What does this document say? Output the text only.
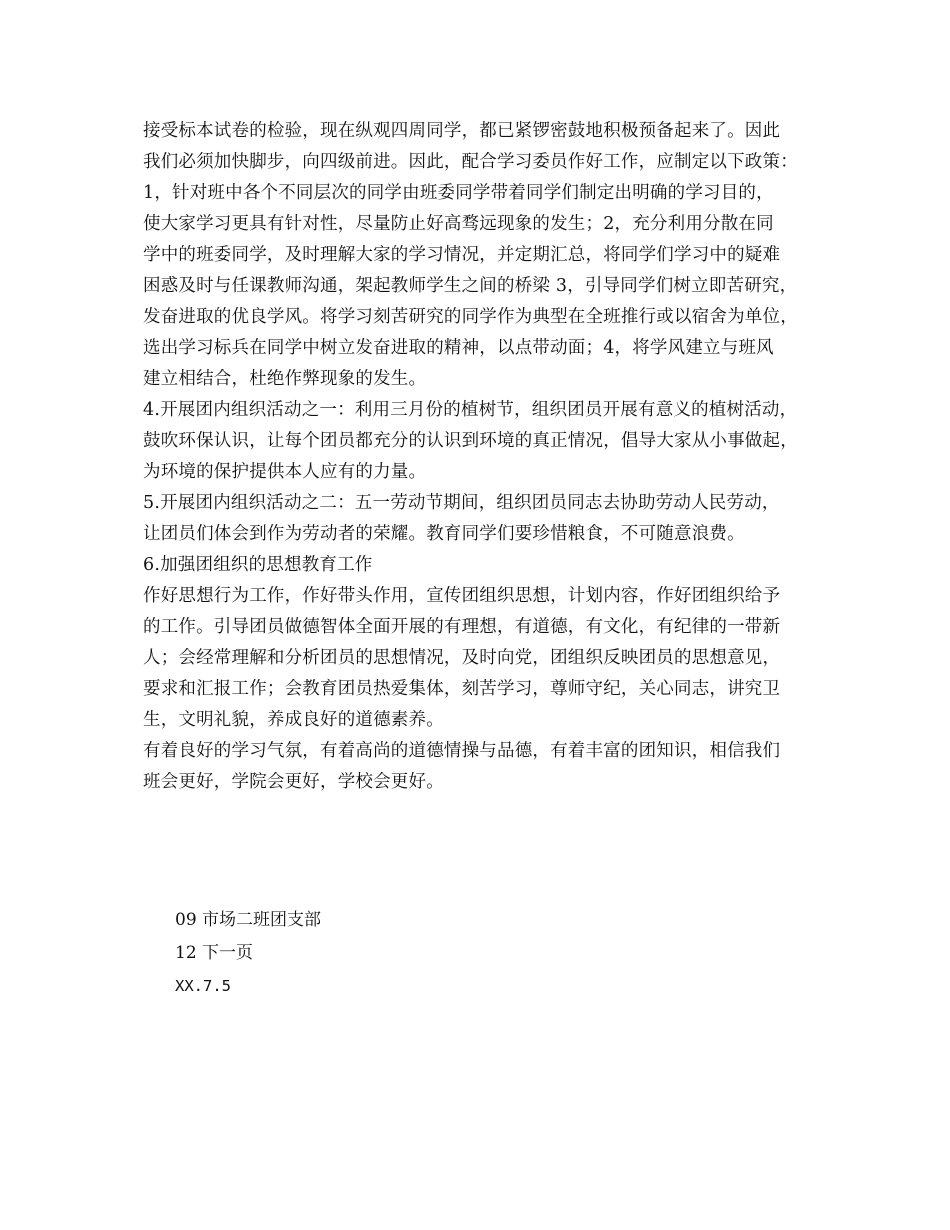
接受标本试卷的检验，现在纵观四周同学，都已紧锣密鼓地积极预备起来了。因此
我们必须加快脚步，向四级前进。因此，配合学习委员作好工作，应制定以下政策：
1，针对班中各个不同层次的同学由班委同学带着同学们制定出明确的学习目的，
使大家学习更具有针对性，尽量防止好高骛远现象的发生；2，充分利用分散在同
学中的班委同学，及时理解大家的学习情况，并定期汇总，将同学们学习中的疑难
困惑及时与任课教师沟通，架起教师学生之间的桥梁 3，引导同学们树立即苦研究，
发奋进取的优良学风。将学习刻苦研究的同学作为典型在全班推行或以宿舍为单位，
选出学习标兵在同学中树立发奋进取的精神，以点带动面；4，将学风建立与班风
建立相结合，杜绝作弊现象的发生。
4.开展团内组织活动之一：利用三月份的植树节，组织团员开展有意义的植树活动，
鼓吹环保认识，让每个团员都充分的认识到环境的真正情况，倡导大家从小事做起，
为环境的保护提供本人应有的力量。
5.开展团内组织活动之二：五一劳动节期间，组织团员同志去协助劳动人民劳动，
让团员们体会到作为劳动者的荣耀。教育同学们要珍惜粮食，不可随意浪费。
6.加强团组织的思想教育工作
作好思想行为工作，作好带头作用，宣传团组织思想，计划内容，作好团组织给予
的工作。引导团员做德智体全面开展的有理想，有道德，有文化，有纪律的一带新
人；会经常理解和分析团员的思想情况，及时向党，团组织反映团员的思想意见，
要求和汇报工作；会教育团员热爱集体，刻苦学习，尊师守纪，关心同志，讲究卫
生，文明礼貌，养成良好的道德素养。
有着良好的学习气氛，有着高尚的道德情操与品德，有着丰富的团知识，相信我们
班会更好，学院会更好，学校会更好。
09 市场二班团支部
12 下一页
XX.7.5
